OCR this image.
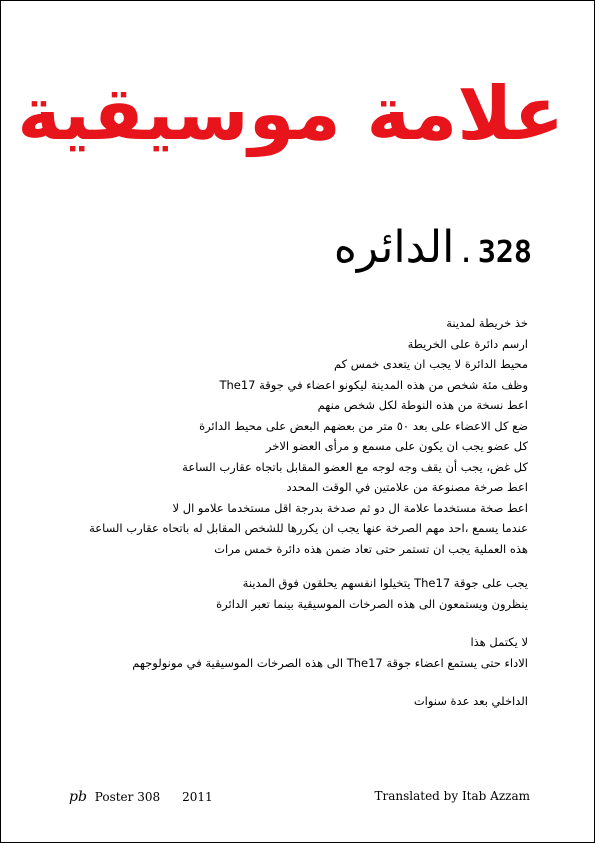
علامة موسيقية
328.الدائره
خذ خريطة لمدينة
ارسم دائرة على الخريطة
محيط الدائرة لا يجب ان يتعدى خمس كم
وظف مئة شخص من هذه المدينة ليكونو اعضاء في جوقة The17
اعط نسخة من هذه النوطة لكل شخص منهم
ضع كل الاعضاء على بعد ٥٠ متر من بعضهم البعض على محيط الدائرة
كل عضو يجب ان يكون على مسمع و مرأى العضو الاخر
كل غض، يجب أن يقف وجه لوجه مع العضو المقابل باتجاه عقارب الساعة
اعط صرخة مصنوعة من علامتين في الوقت المحدد
اعط صخة مستخدما علامة ال دو ثم صدخة بدرجة اقل مستخدما علامو ال لا
عندما يسمع ،احد مهم الصرخة عنها يجب ان يكررها للشخص المقابل له باتحاه عقارب الساعة
هذه العملية يجب ان تستمر حتى تعاد ضمن هذه دائرة خمس مرات
يجب على جوقة The17 يتخيلوا انفسهم يحلقون فوق المدينة
ينظرون ويستمعون الى هذه الصرخات الموسيقية بينما تعبر الدائرة
لا يكتمل هذا
الاداء حتى يستمع اعضاء جوقة The17 الى هذه الصرخات الموسيقية في مونولوجهم
الداخلي بعد عدة سنوات
pb Poster 308 2011	Translated by Itab Azzam
